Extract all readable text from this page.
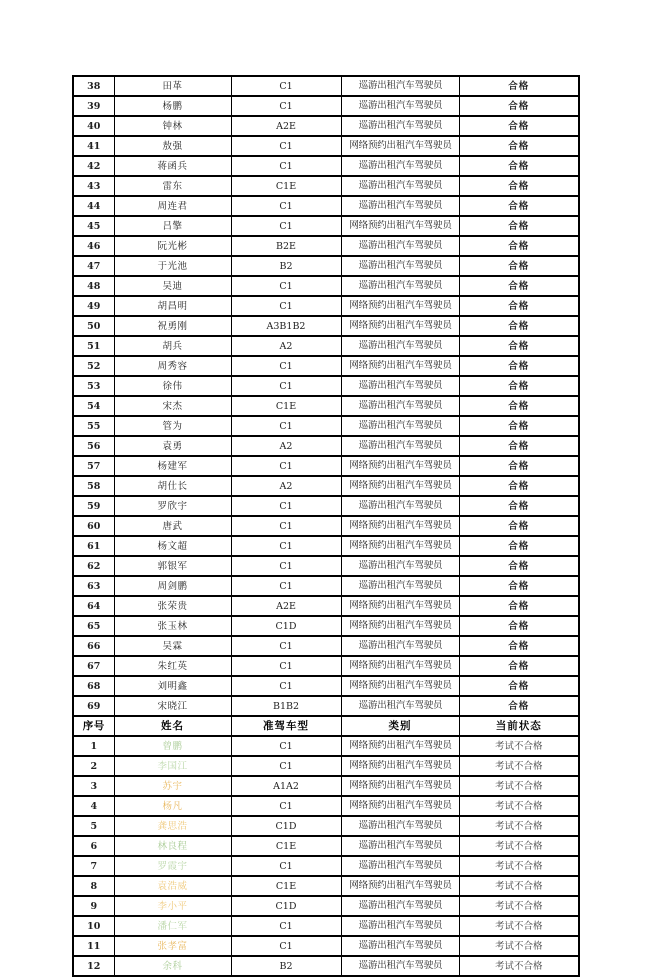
38	田革	C1	巡游出租汽车驾驶员	合格
39	杨鹏	C1	巡游出租汽车驾驶员	合格
40	钟林	A2E	巡游出租汽车驾驶员	合格
41	敖强	C1	网络预约出租汽车驾驶员	合格
42	蒋函兵	C1	巡游出租汽车驾驶员	合格
43	雷东	C1E	巡游出租汽车驾驶员	合格
44	周连君	C1	巡游出租汽车驾驶员	合格
45	吕擎	C1	网络预约出租汽车驾驶员	合格
46	阮光彬	B2E	巡游出租汽车驾驶员	合格
47	于光池	B2	巡游出租汽车驾驶员	合格
48	吴迪	C1	巡游出租汽车驾驶员	合格
49	胡昌明	C1	网络预约出租汽车驾驶员	合格
50	祝勇刚	A3B1B2	网络预约出租汽车驾驶员	合格
51	胡兵	A2	巡游出租汽车驾驶员	合格
52	周秀容	C1	网络预约出租汽车驾驶员	合格
53	徐伟	C1	巡游出租汽车驾驶员	合格
54	宋杰	C1E	巡游出租汽车驾驶员	合格
55	管为	C1	巡游出租汽车驾驶员	合格
56	袁勇	A2	巡游出租汽车驾驶员	合格
57	杨建军	C1	网络预约出租汽车驾驶员	合格
58	胡仕长	A2	网络预约出租汽车驾驶员	合格
59	罗欣宇	C1	巡游出租汽车驾驶员	合格
60	唐武	C1	网络预约出租汽车驾驶员	合格
61	杨文超	C1	网络预约出租汽车驾驶员	合格
62	郭银军	C1	巡游出租汽车驾驶员	合格
63	周剑鹏	C1	巡游出租汽车驾驶员	合格
64	张荣贵	A2E	网络预约出租汽车驾驶员	合格
65	张玉林	C1D	网络预约出租汽车驾驶员	合格
66	吴霖	C1	巡游出租汽车驾驶员	合格
67	朱红英	C1	网络预约出租汽车驾驶员	合格
68	刘明鑫	C1	网络预约出租汽车驾驶员	合格
69	宋晓江	B1B2	巡游出租汽车驾驶员	合格
序号	姓名	准驾车型	类别	当前状态
1	曾鹏	C1	网络预约出租汽车驾驶员	考试不合格
2	李国江	C1	网络预约出租汽车驾驶员	考试不合格
3	苏宇	A1A2	网络预约出租汽车驾驶员	考试不合格
4	杨凡	C1	网络预约出租汽车驾驶员	考试不合格
5	龚思浩	C1D	巡游出租汽车驾驶员	考试不合格
6	林良程	C1E	巡游出租汽车驾驶员	考试不合格
7	罗霞宇	C1	巡游出租汽车驾驶员	考试不合格
8	袁浩威	C1E	网络预约出租汽车驾驶员	考试不合格
9	李小平	C1D	巡游出租汽车驾驶员	考试不合格
10	潘仁军	C1	巡游出租汽车驾驶员	考试不合格
11	张孝富	C1	巡游出租汽车驾驶员	考试不合格
12	余科	B2	巡游出租汽车驾驶员	考试不合格
